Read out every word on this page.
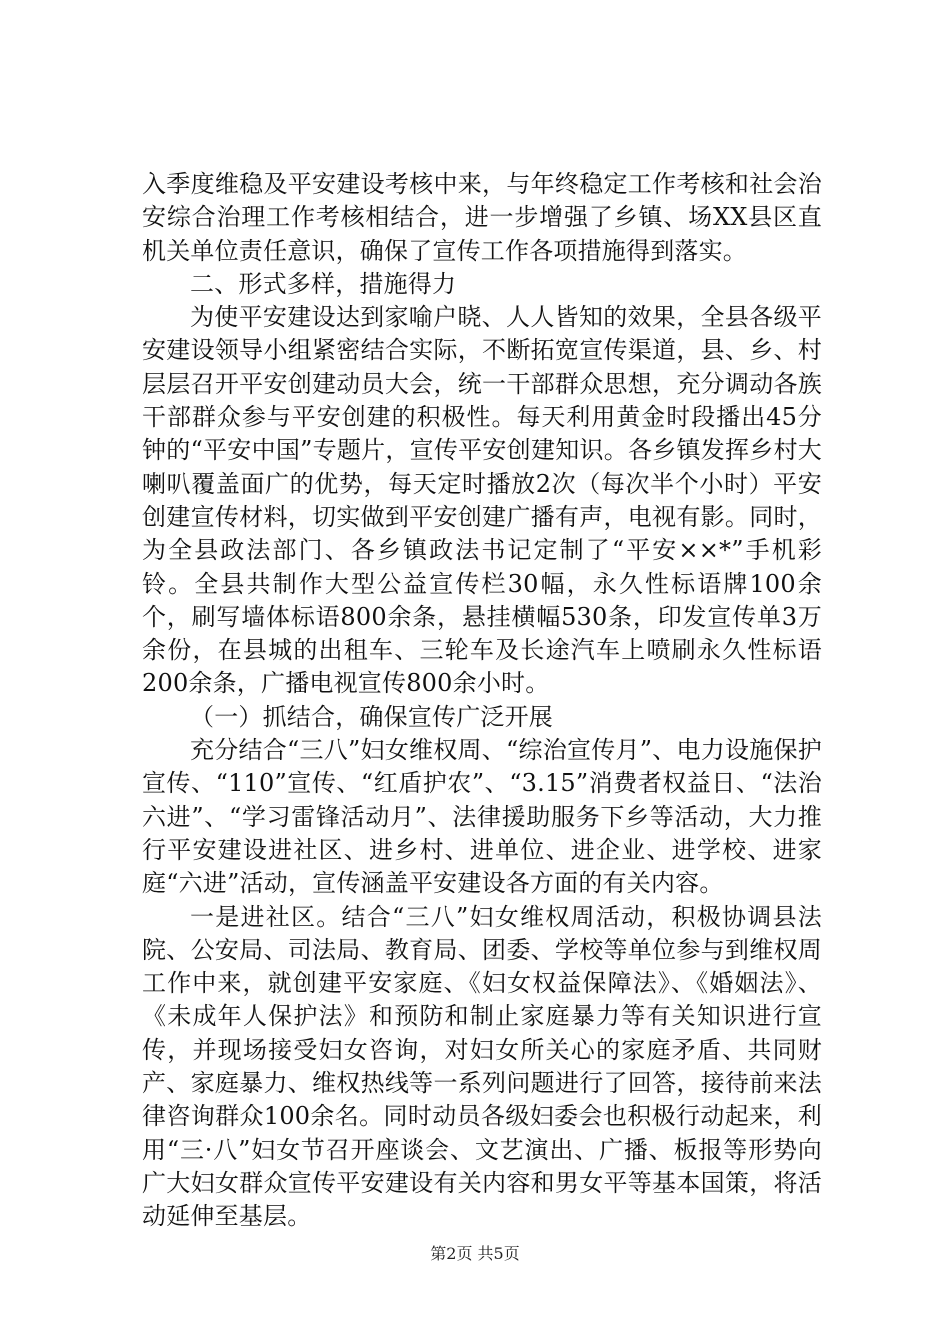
入季度维稳及平安建设考核中来，与年终稳定工作考核和社会治安综合治理工作考核相结合，进一步增强了乡镇、场XX县区直机关单位责任意识，确保了宣传工作各项措施得到落实。

二、形式多样，措施得力

为使平安建设达到家喻户晓、人人皆知的效果，全县各级平安建设领导小组紧密结合实际，不断拓宽宣传渠道，县、乡、村层层召开平安创建动员大会，统一干部群众思想，充分调动各族干部群众参与平安创建的积极性。每天利用黄金时段播出45分钟的“平安中国”专题片，宣传平安创建知识。各乡镇发挥乡村大喇叭覆盖面广的优势，每天定时播放2次（每次半个小时）平安创建宣传材料，切实做到平安创建广播有声，电视有影。同时，为全县政法部门、各乡镇政法书记定制了“平安××*”手机彩铃。全县共制作大型公益宣传栏30幅，永久性标语牌100余个，刷写墙体标语800余条，悬挂横幅530条，印发宣传单3万余份，在县城的出租车、三轮车及长途汽车上喷刷永久性标语200余条，广播电视宣传800余小时。

（一）抓结合，确保宣传广泛开展

充分结合“三八”妇女维权周、“综治宣传月”、电力设施保护宣传、“110”宣传、“红盾护农”、“3.15”消费者权益日、“法治六进”、“学习雷锋活动月”、法律援助服务下乡等活动，大力推行平安建设进社区、进乡村、进单位、进企业、进学校、进家庭“六进”活动，宣传涵盖平安建设各方面的有关内容。

一是进社区。结合“三八”妇女维权周活动，积极协调县法院、公安局、司法局、教育局、团委、学校等单位参与到维权周工作中来，就创建平安家庭、《妇女权益保障法》、《婚姻法》、《未成年人保护法》和预防和制止家庭暴力等有关知识进行宣传，并现场接受妇女咨询，对妇女所关心的家庭矛盾、共同财产、家庭暴力、维权热线等一系列问题进行了回答，接待前来法律咨询群众100余名。同时动员各级妇委会也积极行动起来，利用“三·八”妇女节召开座谈会、文艺演出、广播、板报等形势向广大妇女群众宣传平安建设有关内容和男女平等基本国策，将活动延伸至基层。

第2页 共5页
